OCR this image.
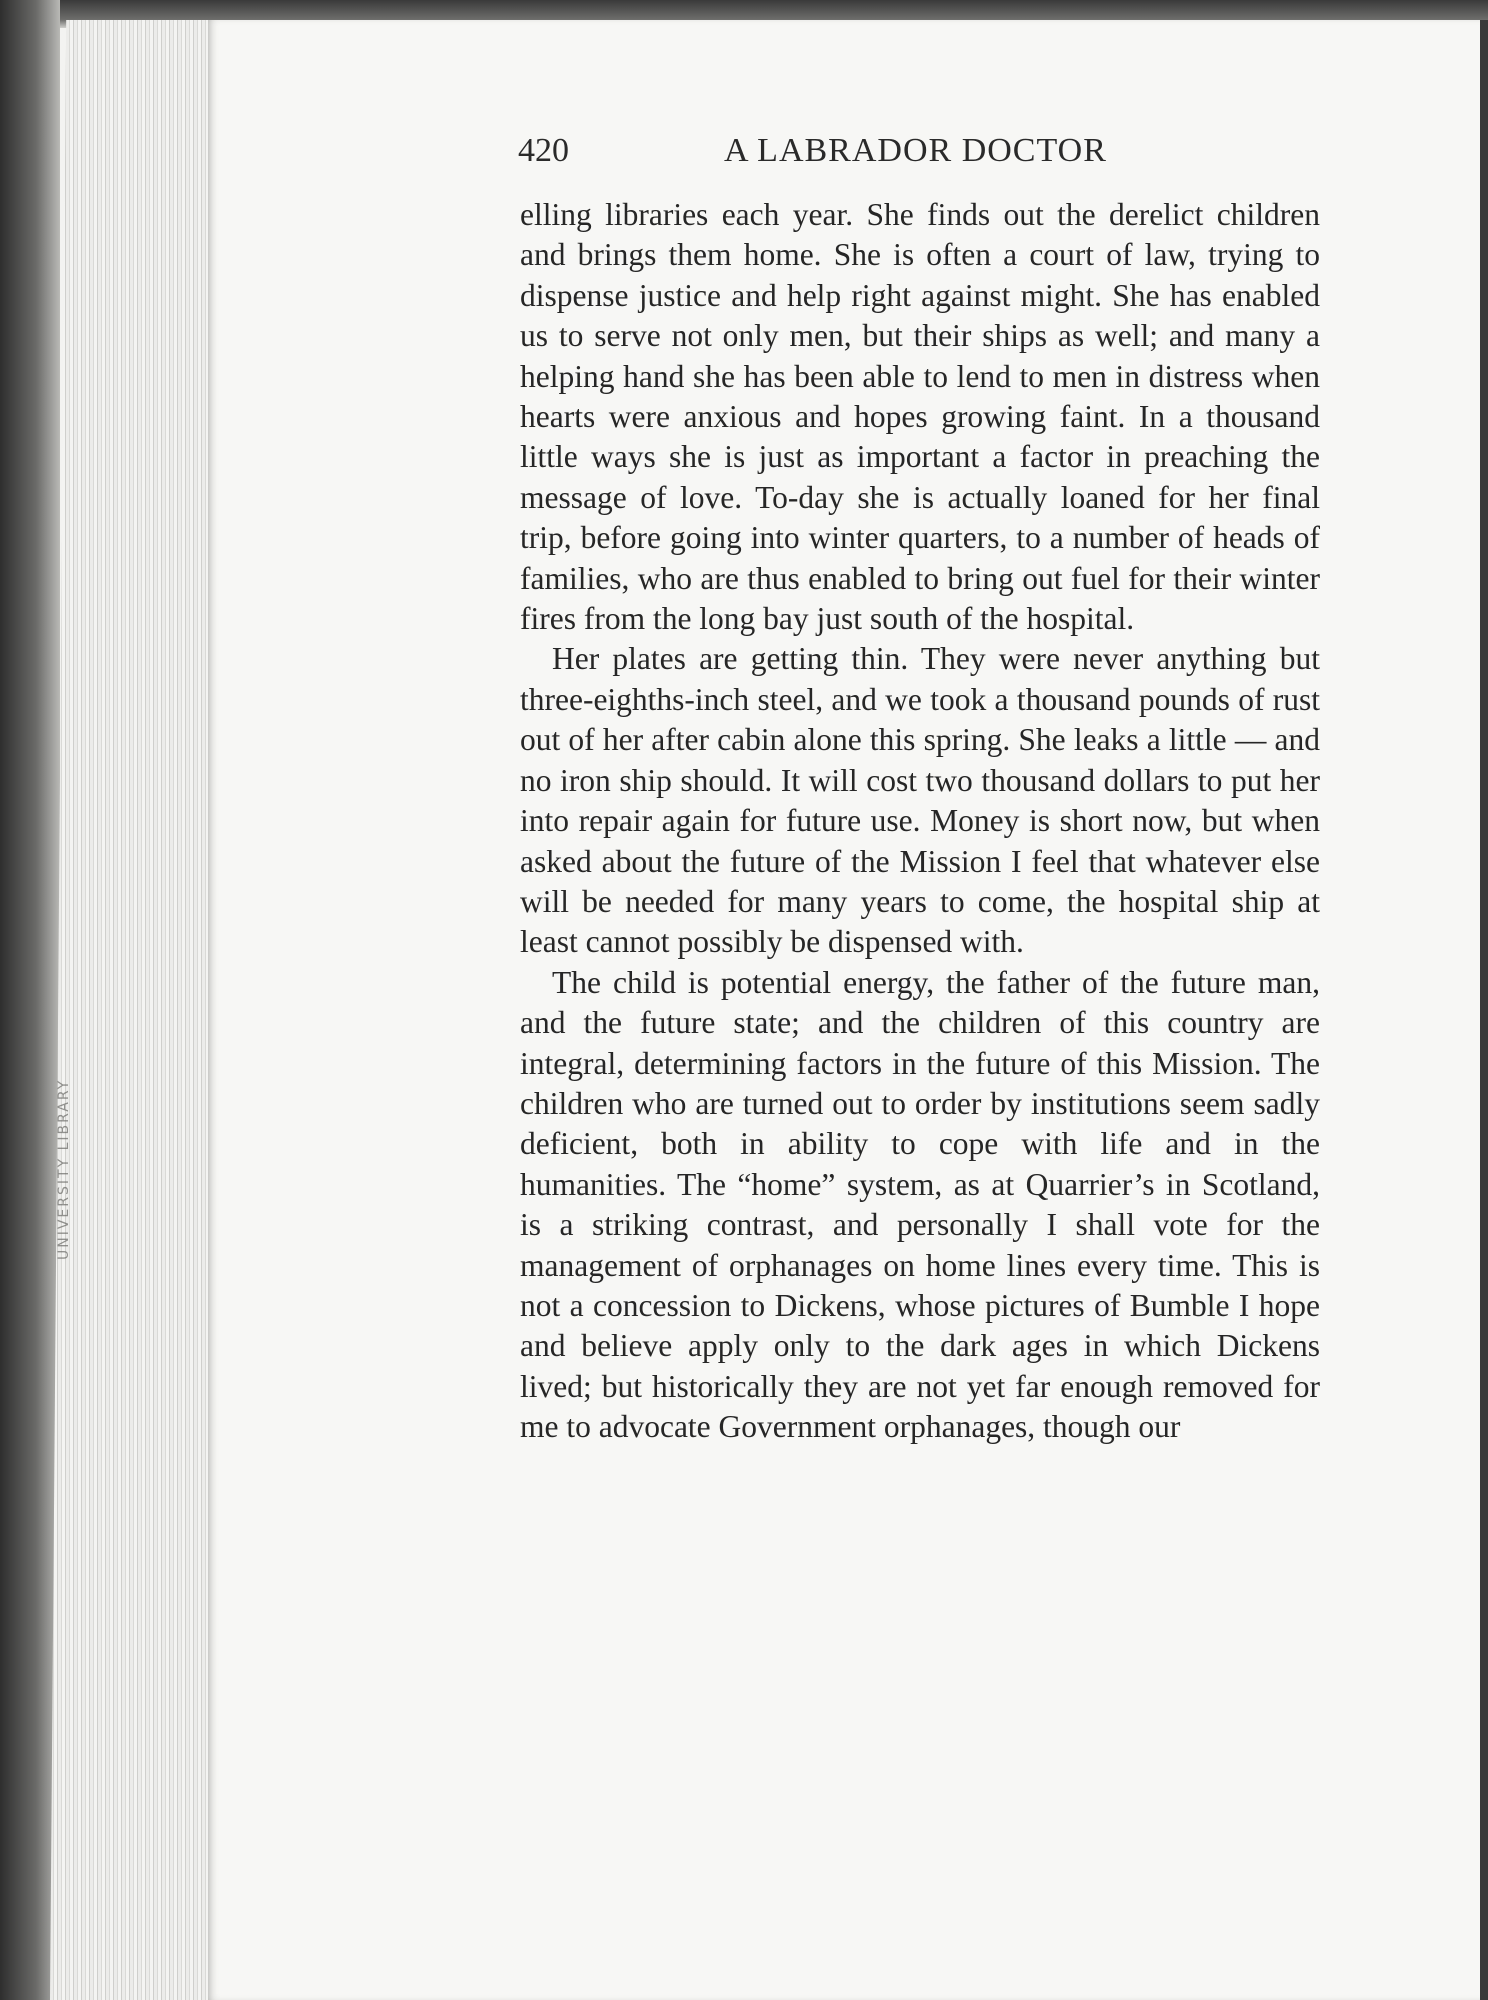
UNIVERSITY LIBRARY
420	A LABRADOR DOCTOR

elling libraries each year. She finds out the derelict children and brings them home. She is often a court of law, trying to dispense justice and help right against might. She has enabled us to serve not only men, but their ships as well; and many a helping hand she has been able to lend to men in distress when hearts were anxious and hopes growing faint. In a thousand little ways she is just as important a factor in preaching the message of love. To-day she is actually loaned for her final trip, before going into winter quarters, to a number of heads of families, who are thus enabled to bring out fuel for their winter fires from the long bay just south of the hospital.

Her plates are getting thin. They were never anything but three-eighths-inch steel, and we took a thousand pounds of rust out of her after cabin alone this spring. She leaks a little — and no iron ship should. It will cost two thousand dollars to put her into repair again for future use. Money is short now, but when asked about the future of the Mission I feel that whatever else will be needed for many years to come, the hospital ship at least cannot possibly be dispensed with.

The child is potential energy, the father of the future man, and the future state; and the children of this country are integral, determining factors in the future of this Mission. The children who are turned out to order by institutions seem sadly deficient, both in ability to cope with life and in the humanities. The “home” system, as at Quarrier’s in Scotland, is a striking contrast, and personally I shall vote for the management of orphanages on home lines every time. This is not a concession to Dickens, whose pictures of Bumble I hope and believe apply only to the dark ages in which Dickens lived; but historically they are not yet far enough removed for me to advocate Government orphanages, though our
